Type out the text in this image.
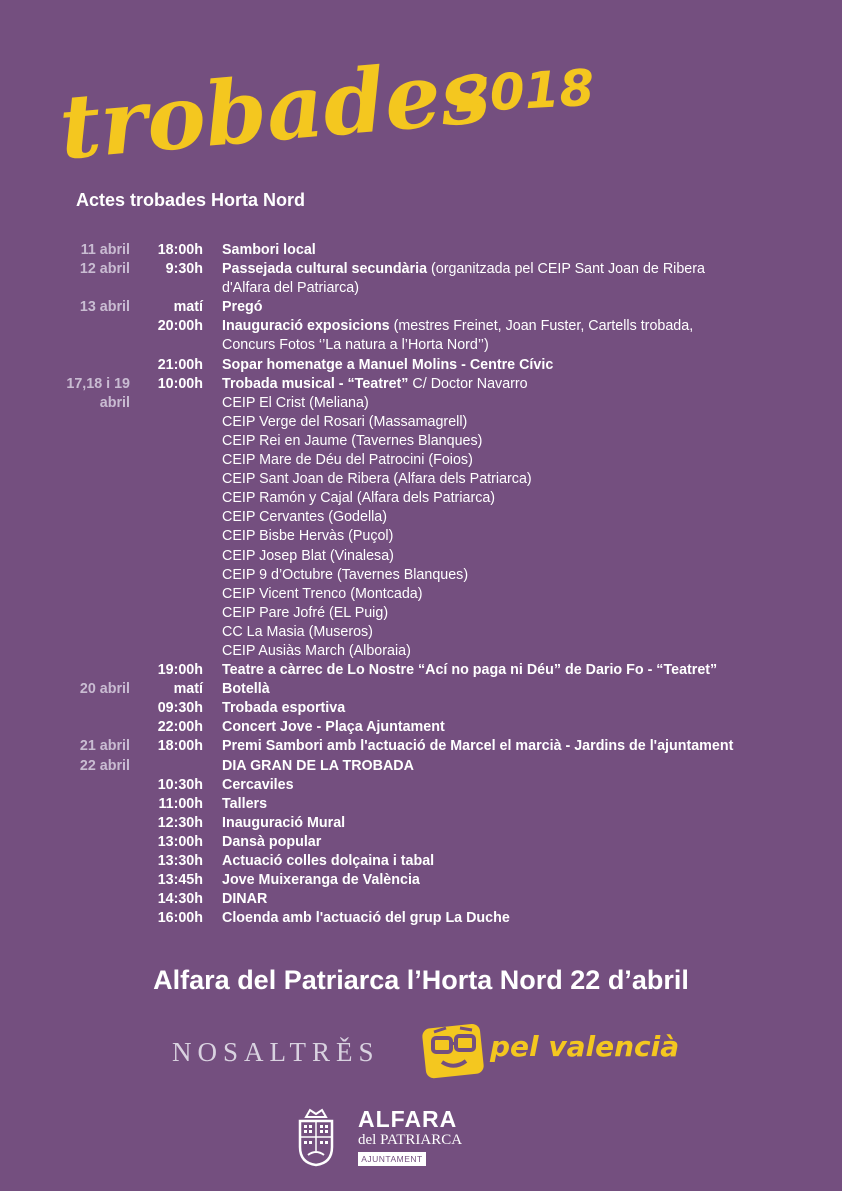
trobades
2018
Actes trobades Horta Nord
11 abril	18:00h	Sambori local
12 abril	9:30h	Passejada cultural secundària (organitzada pel CEIP Sant Joan de Ribera
d'Alfara del Patriarca)
13 abril	matí	Pregó
20:00h	Inauguració exposicions (mestres Freinet, Joan Fuster, Cartells trobada,
Concurs Fotos ‘’La natura a l’Horta Nord’’)
21:00h	Sopar homenatge a Manuel Molins - Centre Cívic
17,18 i 19	10:00h	Trobada musical - “Teatret” C/ Doctor Navarro
abril	CEIP El Crist (Meliana)
CEIP Verge del Rosari (Massamagrell)
CEIP Rei en Jaume (Tavernes Blanques)
CEIP Mare de Déu del Patrocini (Foios)
CEIP Sant Joan de Ribera (Alfara dels Patriarca)
CEIP Ramón y Cajal (Alfara dels Patriarca)
CEIP Cervantes (Godella)
CEIP Bisbe Hervàs (Puçol)
CEIP Josep Blat (Vinalesa)
CEIP 9 d’Octubre (Tavernes Blanques)
CEIP Vicent Trenco (Montcada)
CEIP Pare Jofré (EL Puig)
CC La Masia (Museros)
CEIP Ausiàs March (Alboraia)
19:00h	Teatre a càrrec de Lo Nostre “Ací no paga ni Déu” de Dario Fo - “Teatret”
20 abril	matí	Botellà
09:30h	Trobada esportiva
22:00h	Concert Jove - Plaça Ajuntament
21 abril	18:00h	Premi Sambori amb l'actuació de Marcel el marcià - Jardins de l'ajuntament
22 abril	DIA GRAN DE LA TROBADA
10:30h	Cercaviles
11:00h	Tallers
12:30h	Inauguració Mural
13:00h	Dansà popular
13:30h	Actuació colles dolçaina i tabal
13:45h	Jove Muixeranga de València
14:30h	DINAR
16:00h	Cloenda amb l'actuació del grup La Duche
Alfara del Patriarca l’Horta Nord 22 d’abril
NOSALTRĚS	pel valencià
ALFARA
del PATRIARCA
AJUNTAMENT
